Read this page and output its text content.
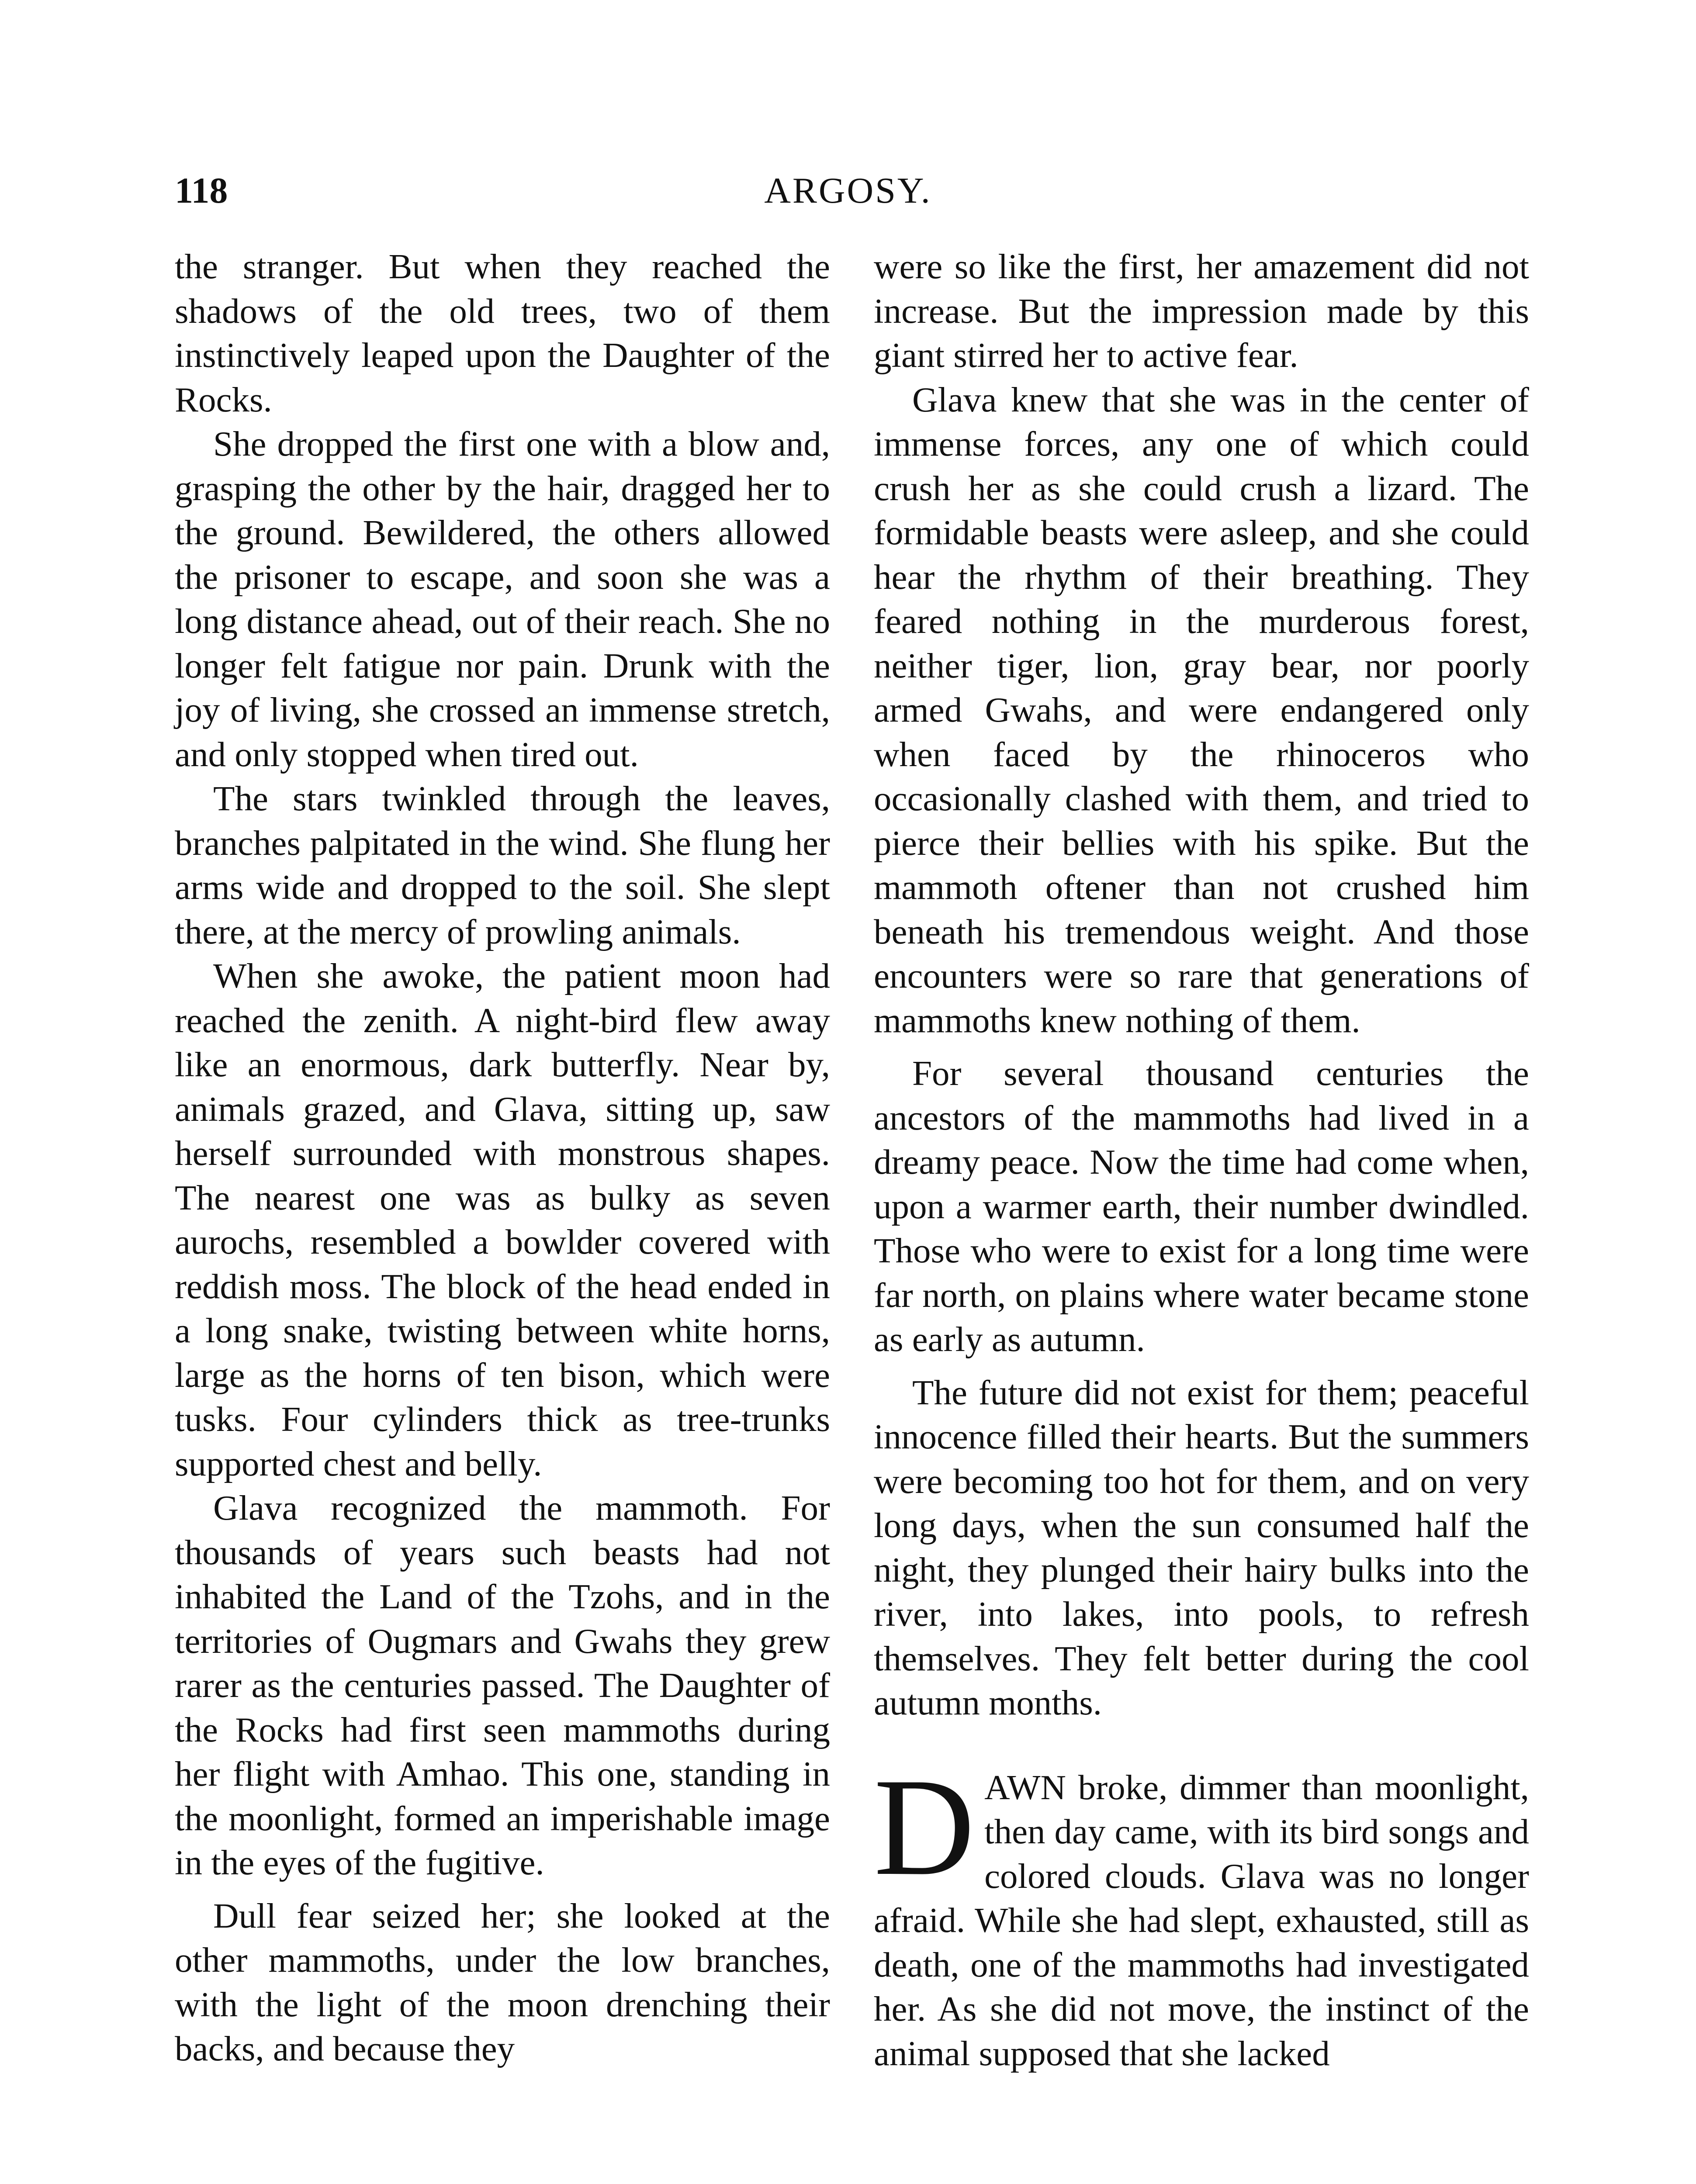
118	ARGOSY.

the stranger. But when they reached the shadows of the old trees, two of them instinctively leaped upon the Daughter of the Rocks.

She dropped the first one with a blow and, grasping the other by the hair, dragged her to the ground. Bewildered, the others allowed the prisoner to escape, and soon she was a long distance ahead, out of their reach. She no longer felt fatigue nor pain. Drunk with the joy of living, she crossed an immense stretch, and only stopped when tired out.

The stars twinkled through the leaves, branches palpitated in the wind. She flung her arms wide and dropped to the soil. She slept there, at the mercy of prowling animals.

When she awoke, the patient moon had reached the zenith. A night-bird flew away like an enormous, dark butterfly. Near by, animals grazed, and Glava, sitting up, saw herself surrounded with monstrous shapes. The nearest one was as bulky as seven aurochs, resembled a bowlder covered with reddish moss. The block of the head ended in a long snake, twisting between white horns, large as the horns of ten bison, which were tusks. Four cylinders thick as tree-trunks supported chest and belly.

Glava recognized the mammoth. For thousands of years such beasts had not inhabited the Land of the Tzohs, and in the territories of Ougmars and Gwahs they grew rarer as the centuries passed. The Daughter of the Rocks had first seen mammoths during her flight with Amhao. This one, standing in the moonlight, formed an imperishable image in the eyes of the fugitive.

Dull fear seized her; she looked at the other mammoths, under the low branches, with the light of the moon drenching their backs, and because they

were so like the first, her amazement did not increase. But the impression made by this giant stirred her to active fear.

Glava knew that she was in the center of immense forces, any one of which could crush her as she could crush a lizard. The formidable beasts were asleep, and she could hear the rhythm of their breathing. They feared nothing in the murderous forest, neither tiger, lion, gray bear, nor poorly armed Gwahs, and were endangered only when faced by the rhinoceros who occasionally clashed with them, and tried to pierce their bellies with his spike. But the mammoth oftener than not crushed him beneath his tremendous weight. And those encounters were so rare that generations of mammoths knew nothing of them.

For several thousand centuries the ancestors of the mammoths had lived in a dreamy peace. Now the time had come when, upon a warmer earth, their number dwindled. Those who were to exist for a long time were far north, on plains where water became stone as early as autumn.

The future did not exist for them; peaceful innocence filled their hearts. But the summers were becoming too hot for them, and on very long days, when the sun consumed half the night, they plunged their hairy bulks into the river, into lakes, into pools, to refresh themselves. They felt better during the cool autumn months.

DAWN broke, dimmer than moonlight, then day came, with its bird songs and colored clouds. Glava was no longer afraid. While she had slept, exhausted, still as death, one of the mammoths had investigated her. As she did not move, the instinct of the animal supposed that she lacked
